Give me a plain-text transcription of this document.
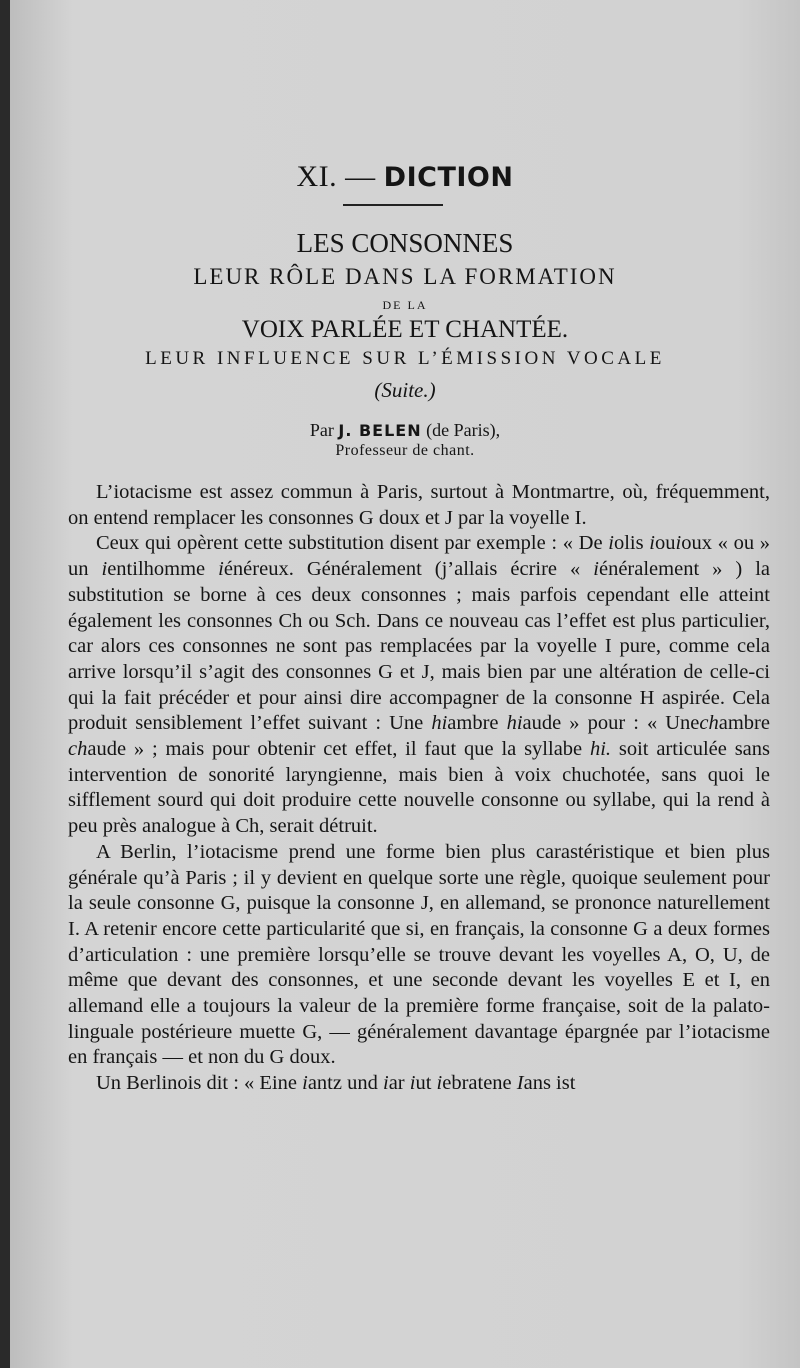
XI. — DICTION
LES CONSONNES
LEUR RÔLE DANS LA FORMATION
DE LA
VOIX PARLÉE ET CHANTÉE.
LEUR INFLUENCE SUR L’ÉMISSION VOCALE
(Suite.)
Par J. BELEN (de Paris),
Professeur de chant.

L’iotacisme est assez commun à Paris, surtout à Montmartre, où, fréquemment, on entend remplacer les consonnes G doux et J par la voyelle I.

Ceux qui opèrent cette substitution disent par exemple : « De iolis iouioux « ou » un ientilhomme iénéreux. Généralement (j’allais écrire « iénéralement » ) la substitution se borne à ces deux consonnes ; mais parfois cependant elle atteint également les consonnes Ch ou Sch. Dans ce nouveau cas l’effet est plus particulier, car alors ces consonnes ne sont pas remplacées par la voyelle I pure, comme cela arrive lorsqu’il s’agit des consonnes G et J, mais bien par une altération de celle-ci qui la fait précéder et pour ainsi dire accompagner de la consonne H aspirée. Cela produit sensiblement l’effet suivant : Une hiambre hiaude » pour : « Unechambre chaude » ; mais pour obtenir cet effet, il faut que la syllabe hi. soit articulée sans intervention de sonorité laryngienne, mais bien à voix chuchotée, sans quoi le sifflement sourd qui doit produire cette nouvelle consonne ou syllabe, qui la rend à peu près analogue à Ch, serait détruit.

A Berlin, l’iotacisme prend une forme bien plus carastéristique et bien plus générale qu’à Paris ; il y devient en quelque sorte une règle, quoique seulement pour la seule consonne G, puisque la consonne J, en allemand, se prononce naturellement I. A retenir encore cette particularité que si, en français, la consonne G a deux formes d’articulation : une première lorsqu’elle se trouve devant les voyelles A, O, U, de même que devant des consonnes, et une seconde devant les voyelles E et I, en allemand elle a toujours la valeur de la première forme française, soit de la palato-linguale postérieure muette G, — généralement davantage épargnée par l’iotacisme en français — et non du G doux.

Un Berlinois dit : « Eine iantz und iar iut iebratene Ians ist
